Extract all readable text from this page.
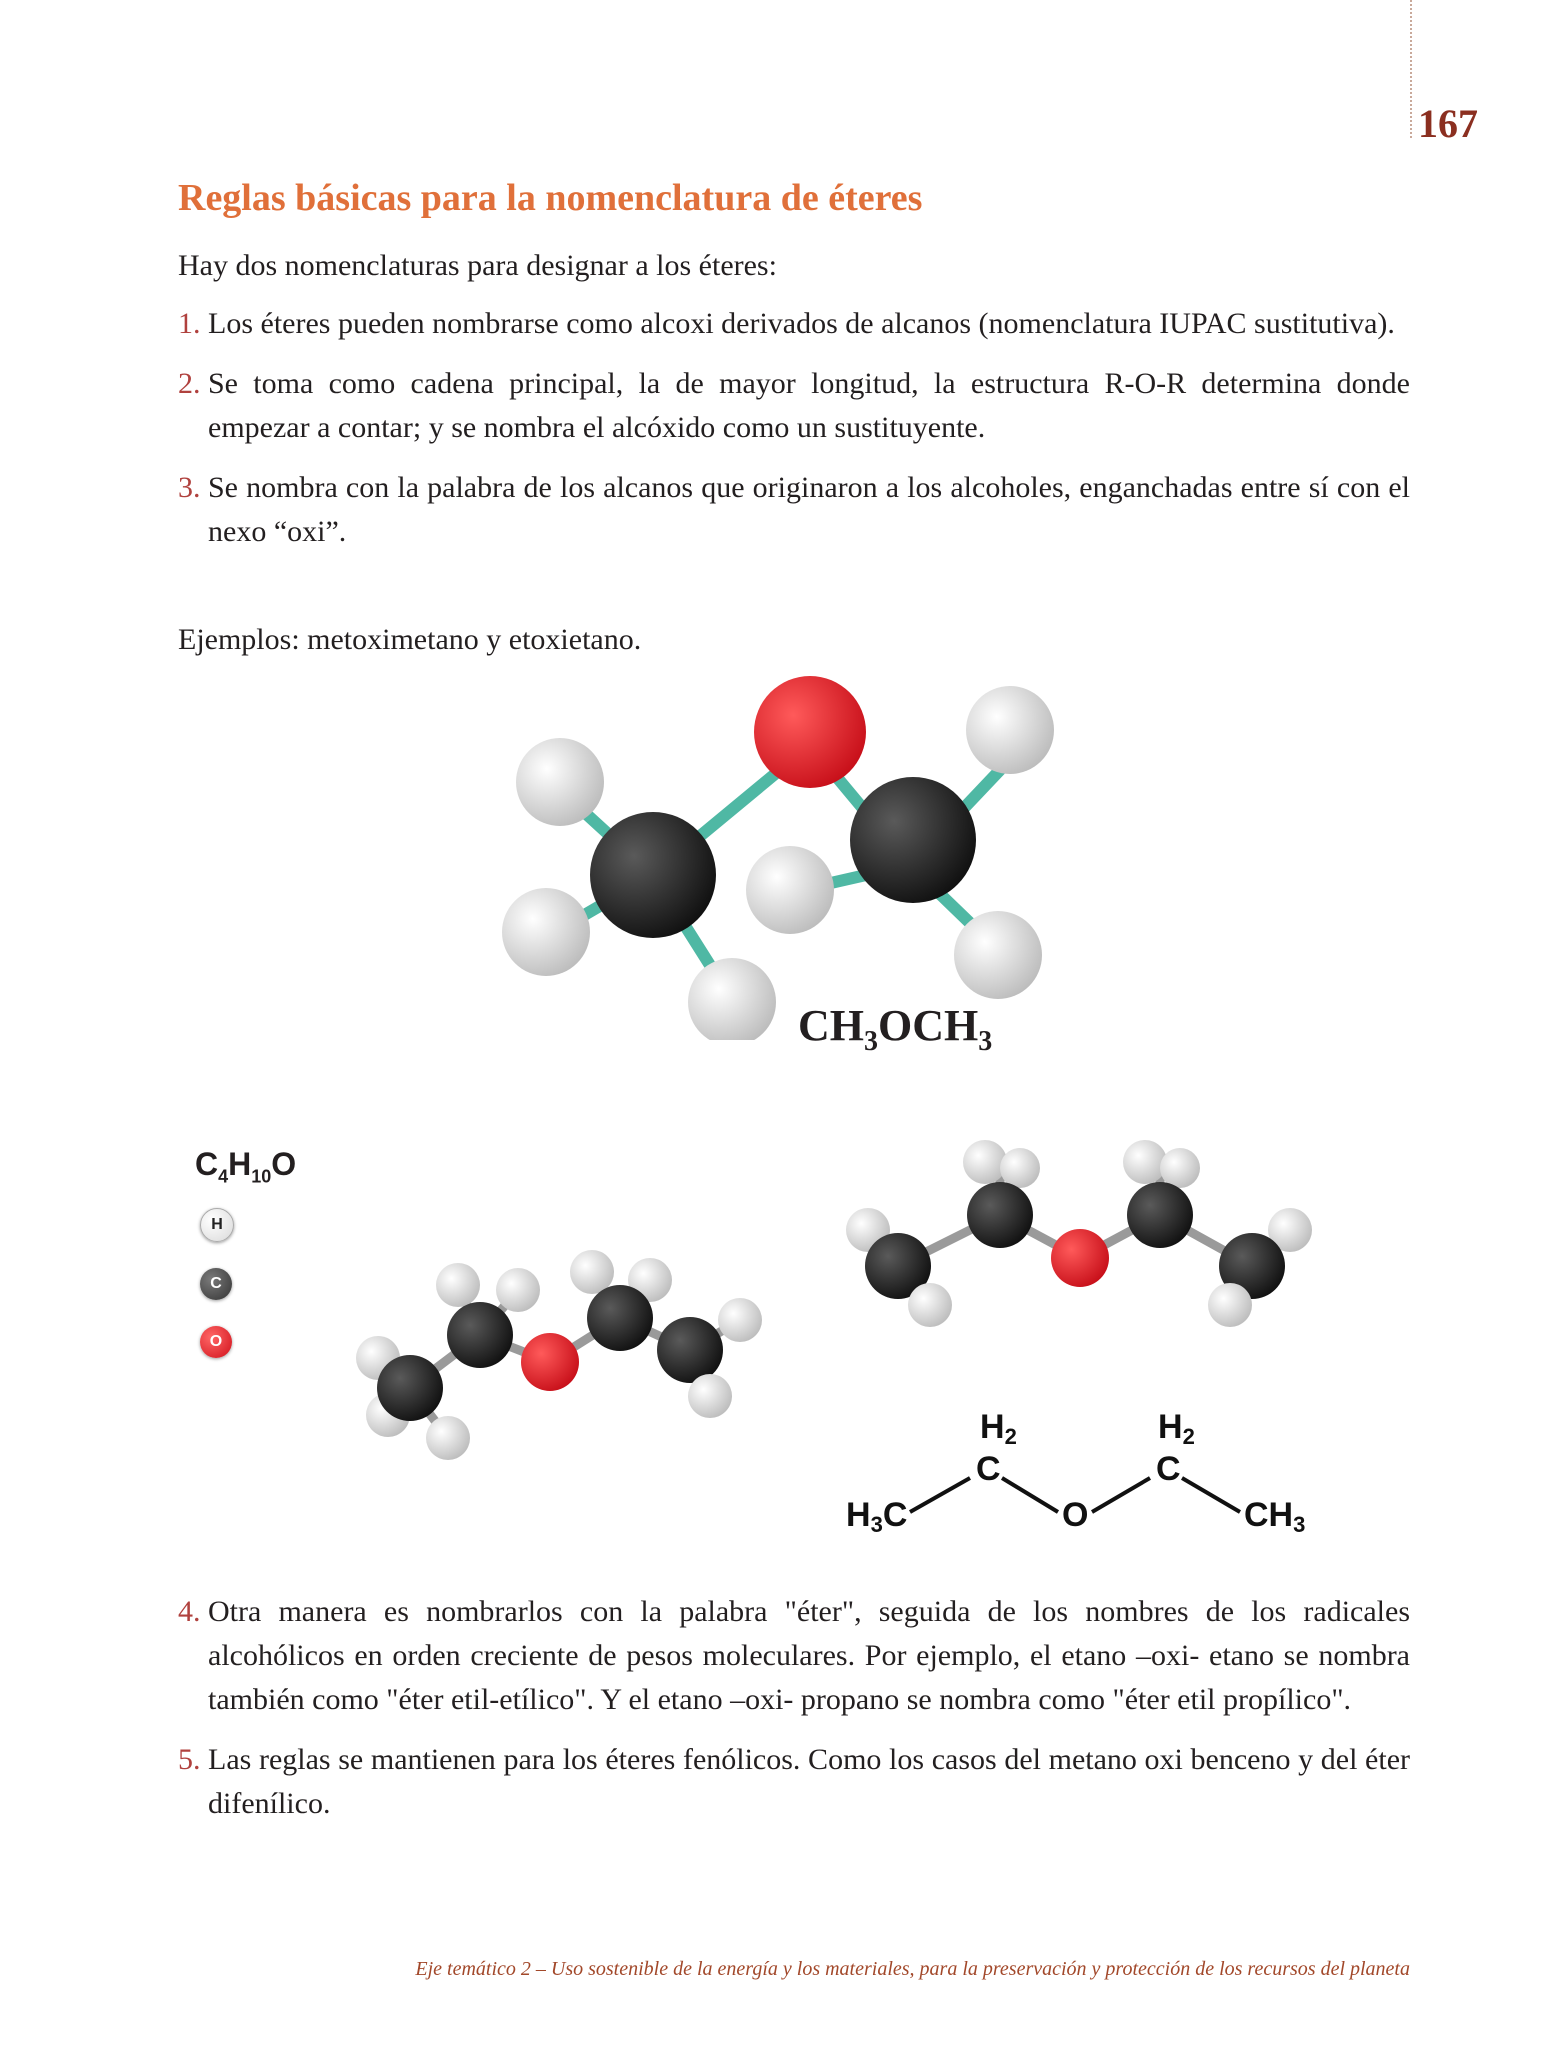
167
Reglas básicas para la nomenclatura de éteres

Hay dos nomenclaturas para designar a los éteres:

1. Los éteres pueden nombrarse como alcoxi derivados de alcanos (nomenclatura IUPAC sustitutiva).
2. Se toma como cadena principal, la de mayor longitud, la estructura R-O-R determina donde empezar a contar; y se nombra el alcóxido como un sustituyente.
3. Se nombra con la palabra de los alcanos que originaron a los alcoholes, enganchadas entre sí con el nexo “oxi”.

Ejemplos: metoximetano y etoxietano.

$CH_3OCH_3$
$C_4H_{10}O$
H
C
O
H2
C
H2
C
O
H3C	CH3
4. Otra manera es nombrarlos con la palabra "éter", seguida de los nombres de los radicales alcohólicos en orden creciente de pesos moleculares. Por ejemplo, el etano –oxi- etano se nombra también como "éter etil-etílico". Y el etano –oxi- propano se nombra como "éter etil propílico".
5. Las reglas se mantienen para los éteres fenólicos. Como los casos del metano oxi benceno y del éter difenílico.

Eje temático 2 – Uso sostenible de la energía y los materiales, para la preservación y protección de los recursos del planeta
